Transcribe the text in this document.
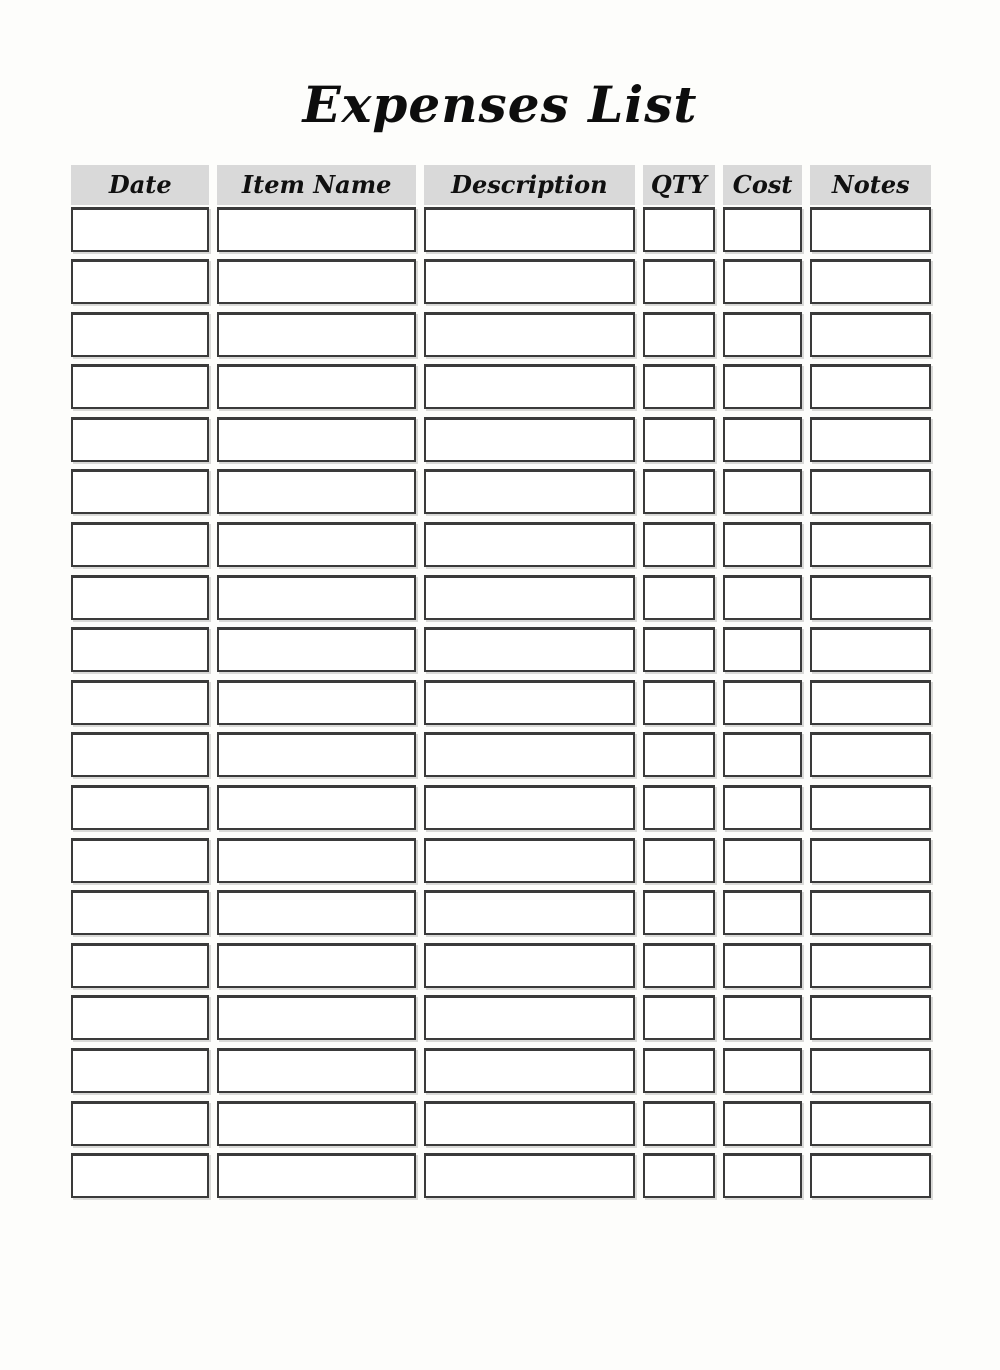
Expenses List
Date	Item Name	Description	QTY	Cost	Notes
